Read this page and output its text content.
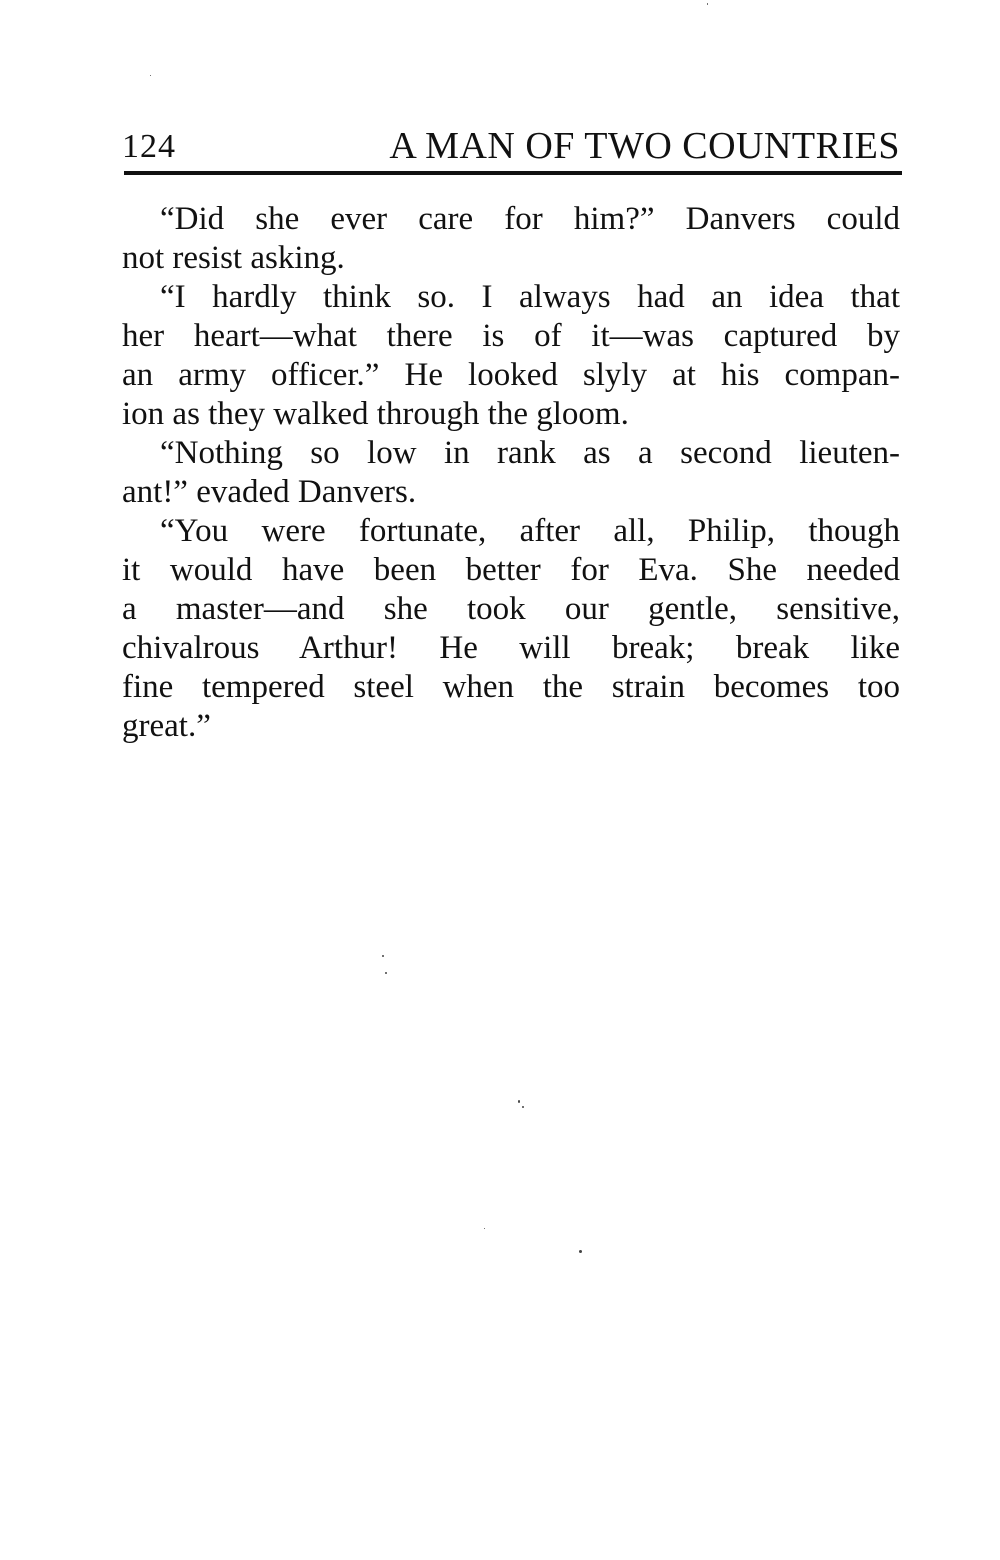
124	A MAN OF TWO COUNTRIES
“Did she ever care for him?” Danvers could
not resist asking.
“I hardly think so. I always had an idea that
her heart—what there is of it—was captured by
an army officer.” He looked slyly at his compan-
ion as they walked through the gloom.
“Nothing so low in rank as a second lieuten-
ant!” evaded Danvers.
“You were fortunate, after all, Philip, though
it would have been better for Eva. She needed
a master—and she took our gentle, sensitive,
chivalrous Arthur! He will break; break like
fine tempered steel when the strain becomes too
great.”
